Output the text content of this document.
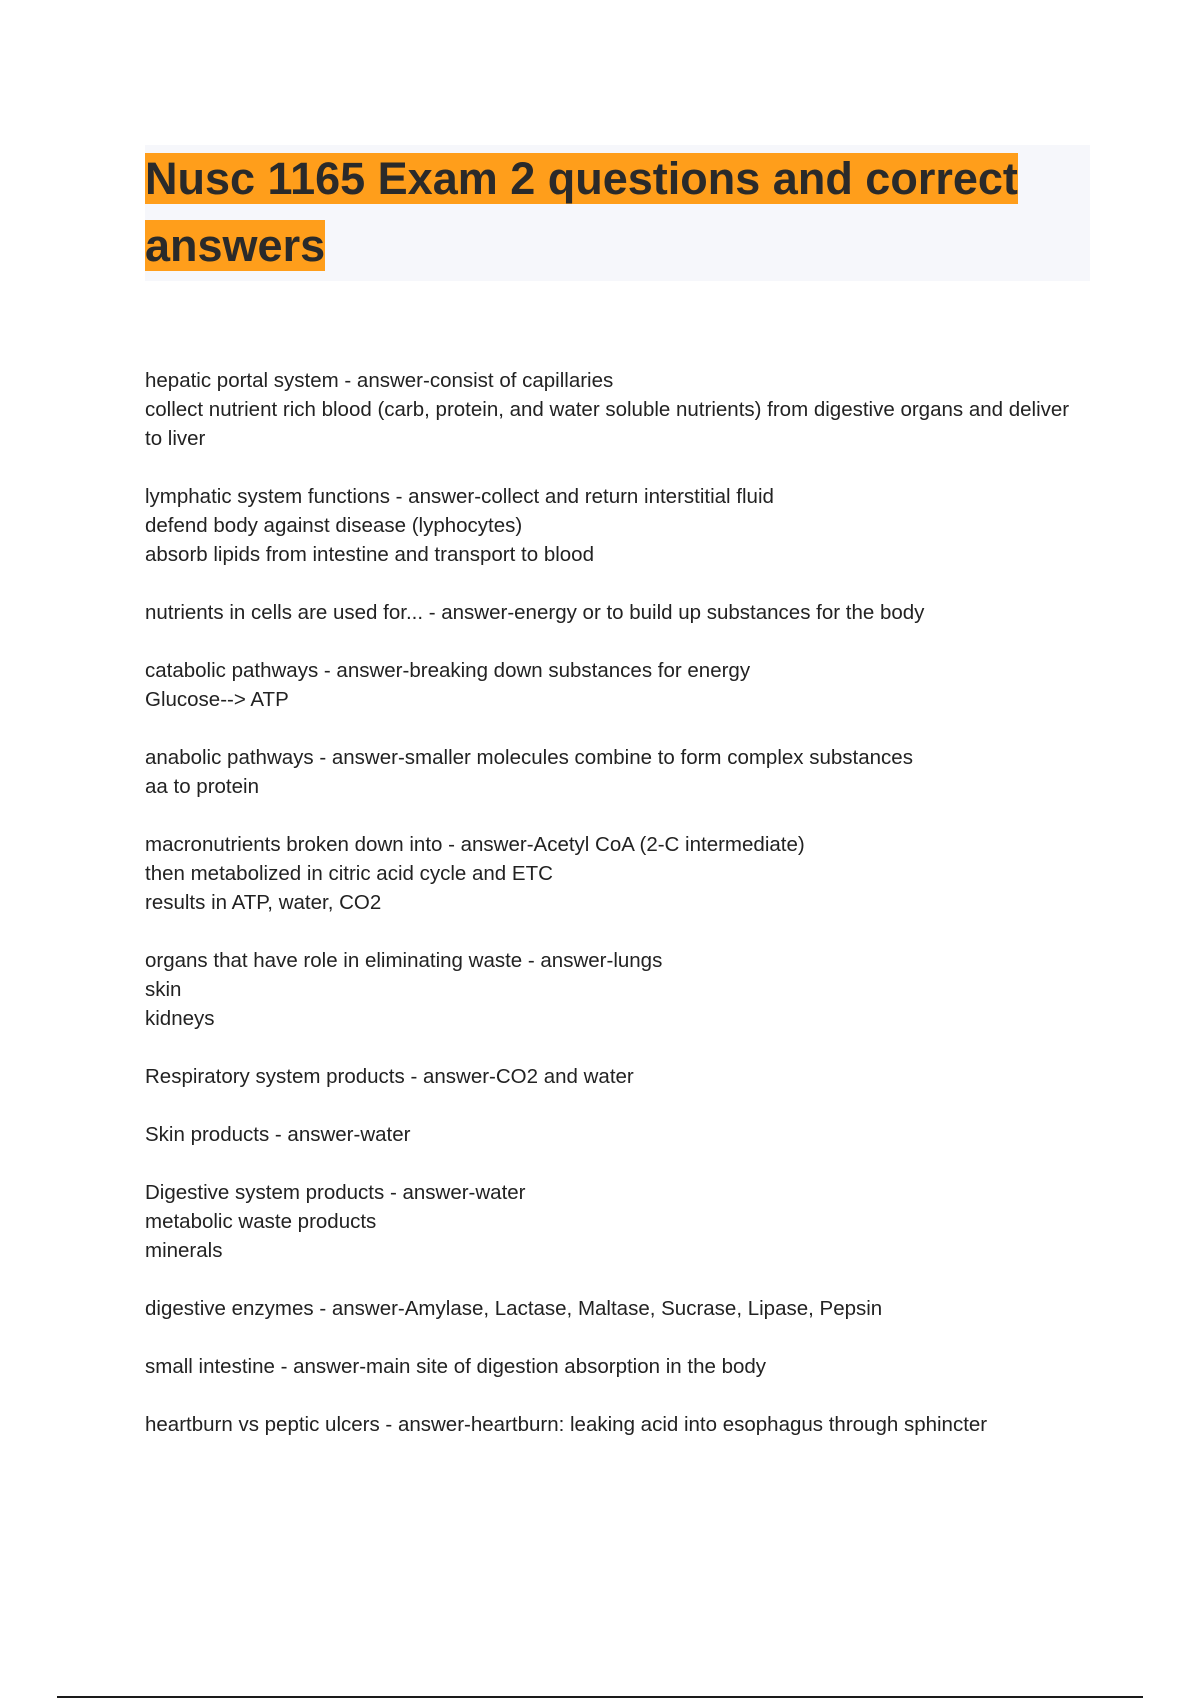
Nusc 1165 Exam 2 questions and correct answers

hepatic portal system - answer-consist of capillaries
collect nutrient rich blood (carb, protein, and water soluble nutrients) from digestive organs and deliver to liver

lymphatic system functions - answer-collect and return interstitial fluid
defend body against disease (lyphocytes)
absorb lipids from intestine and transport to blood

nutrients in cells are used for... - answer-energy or to build up substances for the body

catabolic pathways - answer-breaking down substances for energy
Glucose--> ATP

anabolic pathways - answer-smaller molecules combine to form complex substances
aa to protein

macronutrients broken down into - answer-Acetyl CoA (2-C intermediate)
then metabolized in citric acid cycle and ETC
results in ATP, water, CO2

organs that have role in eliminating waste - answer-lungs
skin
kidneys

Respiratory system products - answer-CO2 and water

Skin products - answer-water

Digestive system products - answer-water
metabolic waste products
minerals

digestive enzymes - answer-Amylase, Lactase, Maltase, Sucrase, Lipase, Pepsin

small intestine - answer-main site of digestion absorption in the body

heartburn vs peptic ulcers - answer-heartburn: leaking acid into esophagus through sphincter
